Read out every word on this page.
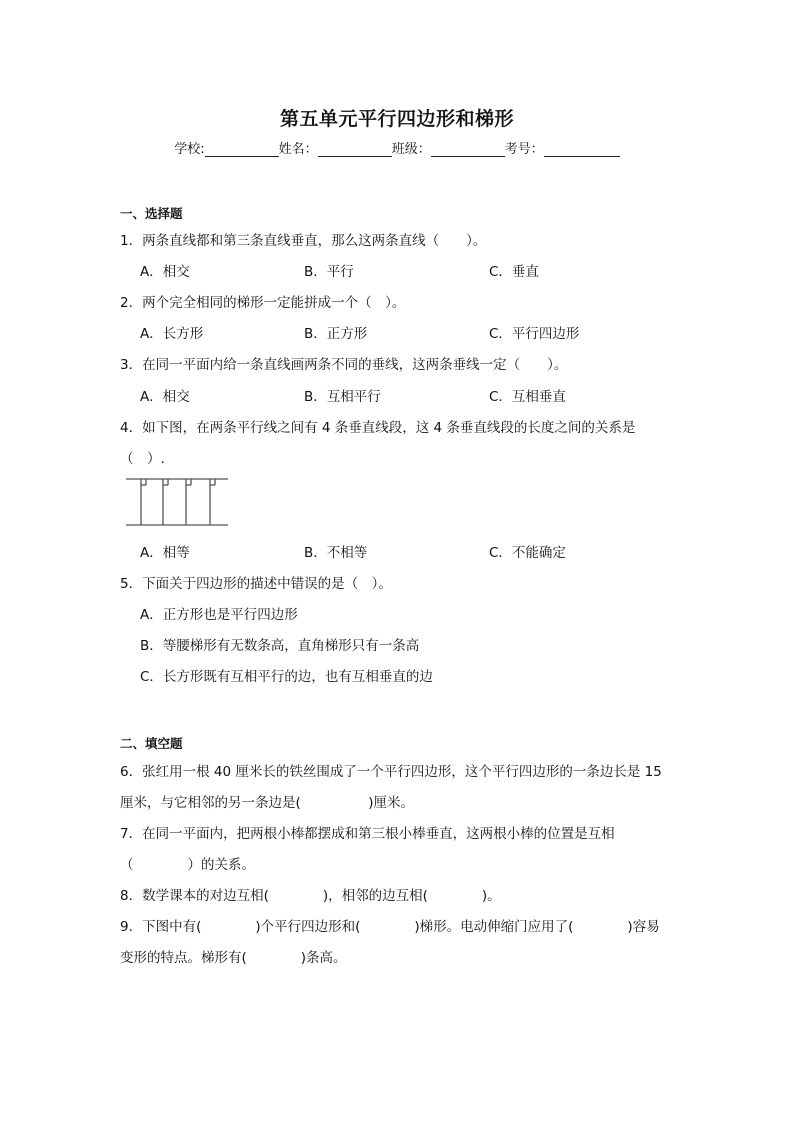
第五单元平行四边形和梯形
学校:	姓名：	班级：	考号：
一、选择题
1．两条直线都和第三条直线垂直，那么这两条直线（　　）。
A．相交	B．平行	C．垂直
2．两个完全相同的梯形一定能拼成一个（　）。
A．长方形	B．正方形	C．平行四边形
3．在同一平面内给一条直线画两条不同的垂线，这两条垂线一定（　　）。
A．相交	B．互相平行	C．互相垂直
4．如下图，在两条平行线之间有 4 条垂直线段，这 4 条垂直线段的长度之间的关系是
（　）.
A．相等	B．不相等	C．不能确定
5．下面关于四边形的描述中错误的是（　）。
A．正方形也是平行四边形
B．等腰梯形有无数条高，直角梯形只有一条高
C．长方形既有互相平行的边，也有互相垂直的边
二、填空题
6．张红用一根 40 厘米长的铁丝围成了一个平行四边形，这个平行四边形的一条边长是 15
厘米，与它相邻的另一条边是(　　　　　)厘米。
7．在同一平面内，把两根小棒都摆成和第三根小棒垂直，这两根小棒的位置是互相
（　　　　）的关系。
8．数学课本的对边互相(　　　　)，相邻的边互相(　　　　)。
9．下图中有(　　　　)个平行四边形和(　　　　)梯形。电动伸缩门应用了(　　　　)容易
变形的特点。梯形有(　　　　)条高。
